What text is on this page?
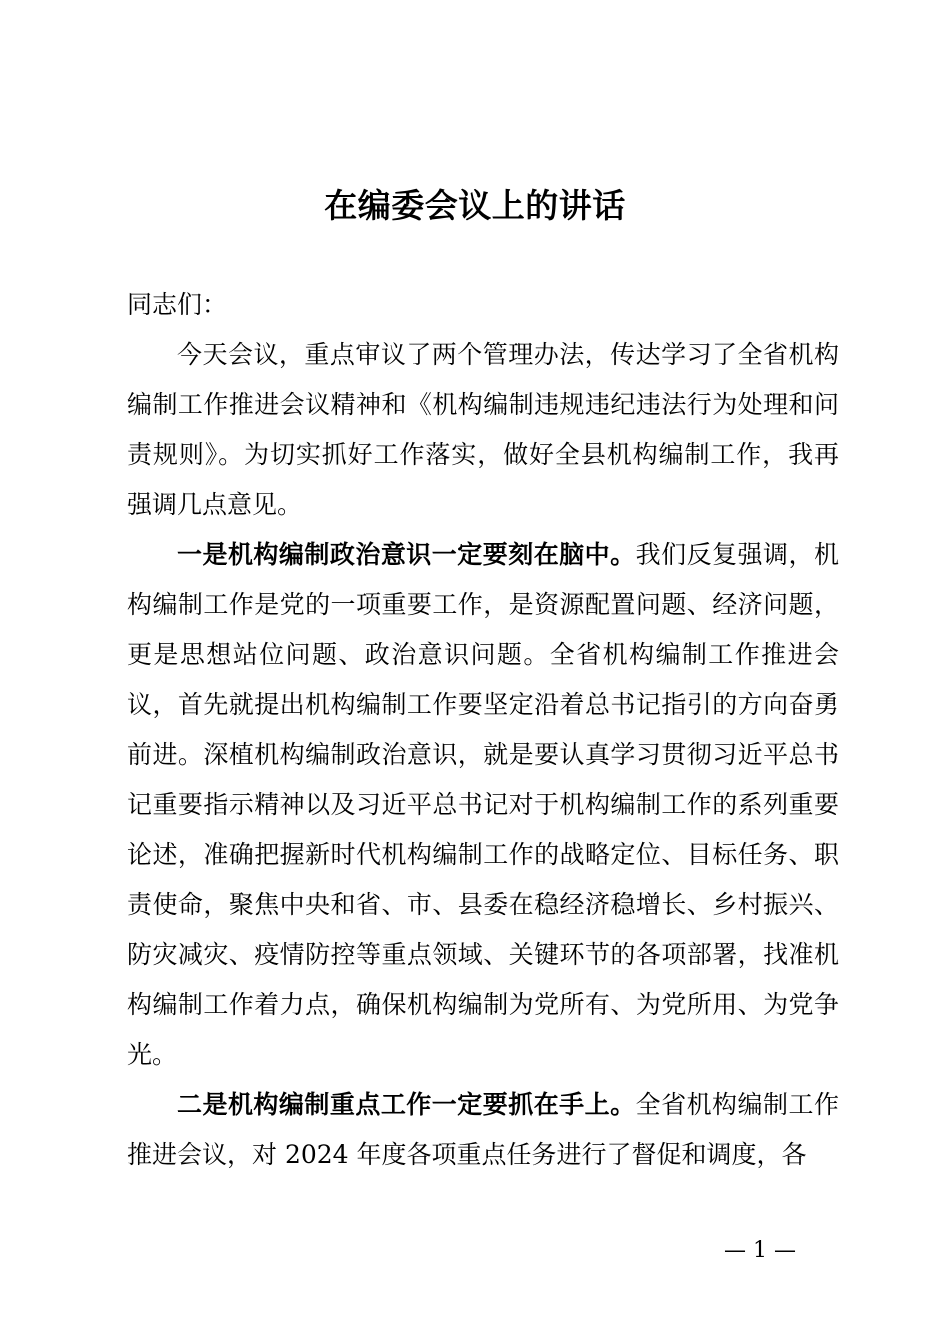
在编委会议上的讲话

同志们：

今天会议，重点审议了两个管理办法，传达学习了全省机构编制工作推进会议精神和《机构编制违规违纪违法行为处理和问责规则》。为切实抓好工作落实，做好全县机构编制工作，我再强调几点意见。

一是机构编制政治意识一定要刻在脑中。我们反复强调，机构编制工作是党的一项重要工作，是资源配置问题、经济问题，更是思想站位问题、政治意识问题。全省机构编制工作推进会议，首先就提出机构编制工作要坚定沿着总书记指引的方向奋勇前进。深植机构编制政治意识，就是要认真学习贯彻习近平总书记重要指示精神以及习近平总书记对于机构编制工作的系列重要论述，准确把握新时代机构编制工作的战略定位、目标任务、职责使命，聚焦中央和省、市、县委在稳经济稳增长、乡村振兴、防灾减灾、疫情防控等重点领域、关键环节的各项部署，找准机构编制工作着力点，确保机构编制为党所有、为党所用、为党争光。

二是机构编制重点工作一定要抓在手上。全省机构编制工作推进会议，对 2024 年度各项重点任务进行了督促和调度，各

— 1 —
